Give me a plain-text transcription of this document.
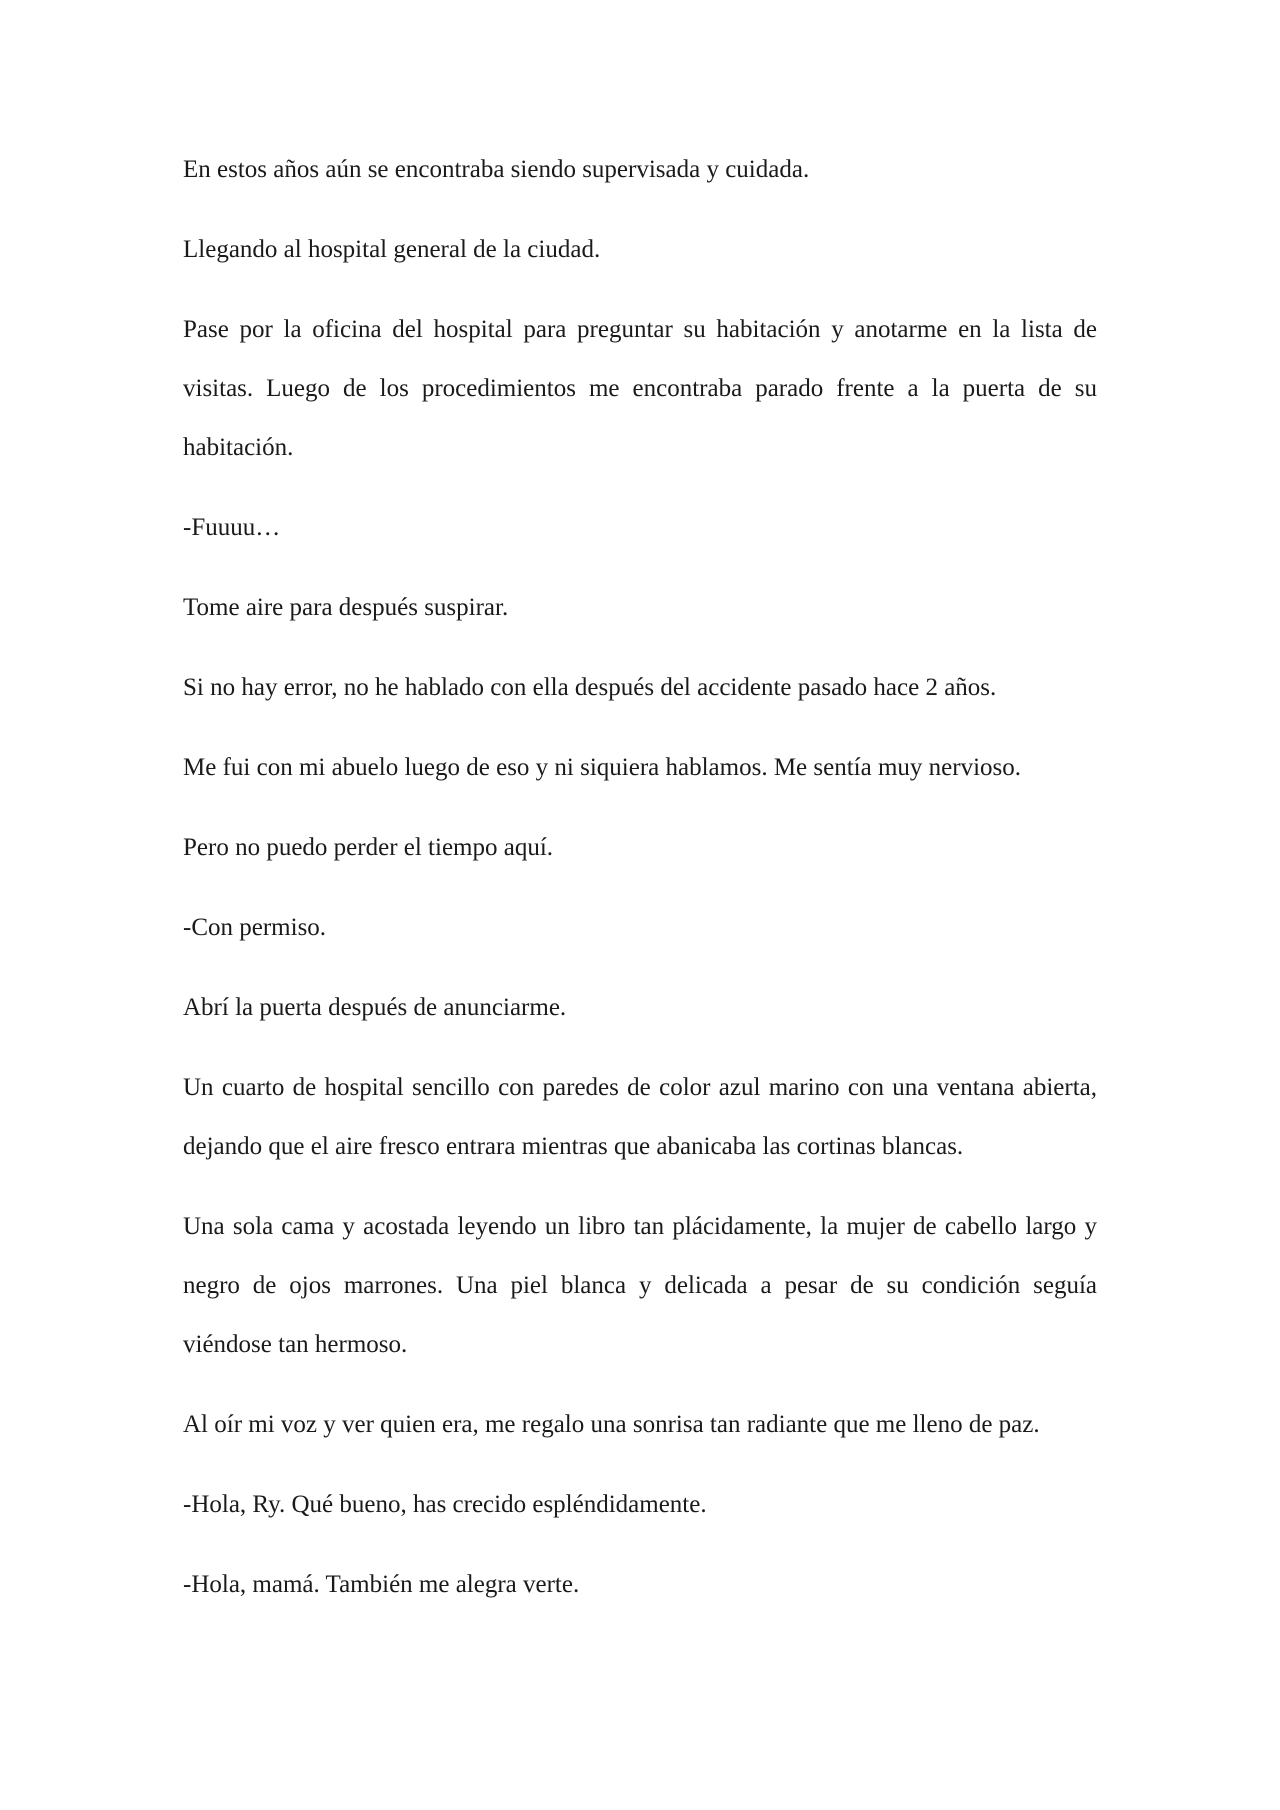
En estos años aún se encontraba siendo supervisada y cuidada.

Llegando al hospital general de la ciudad.

Pase por la oficina del hospital para preguntar su habitación y anotarme en la lista de visitas. Luego de los procedimientos me encontraba parado frente a la puerta de su habitación.

-Fuuuu…

Tome aire para después suspirar.

Si no hay error, no he hablado con ella después del accidente pasado hace 2 años.

Me fui con mi abuelo luego de eso y ni siquiera hablamos. Me sentía muy nervioso.

Pero no puedo perder el tiempo aquí.

-Con permiso.

Abrí la puerta después de anunciarme.

Un cuarto de hospital sencillo con paredes de color azul marino con una ventana abierta, dejando que el aire fresco entrara mientras que abanicaba las cortinas blancas.

Una sola cama y acostada leyendo un libro tan plácidamente, la mujer de cabello largo y negro de ojos marrones. Una piel blanca y delicada a pesar de su condición seguía viéndose tan hermoso.

Al oír mi voz y ver quien era, me regalo una sonrisa tan radiante que me lleno de paz.

-Hola, Ry. Qué bueno, has crecido espléndidamente.

-Hola, mamá. También me alegra verte.
